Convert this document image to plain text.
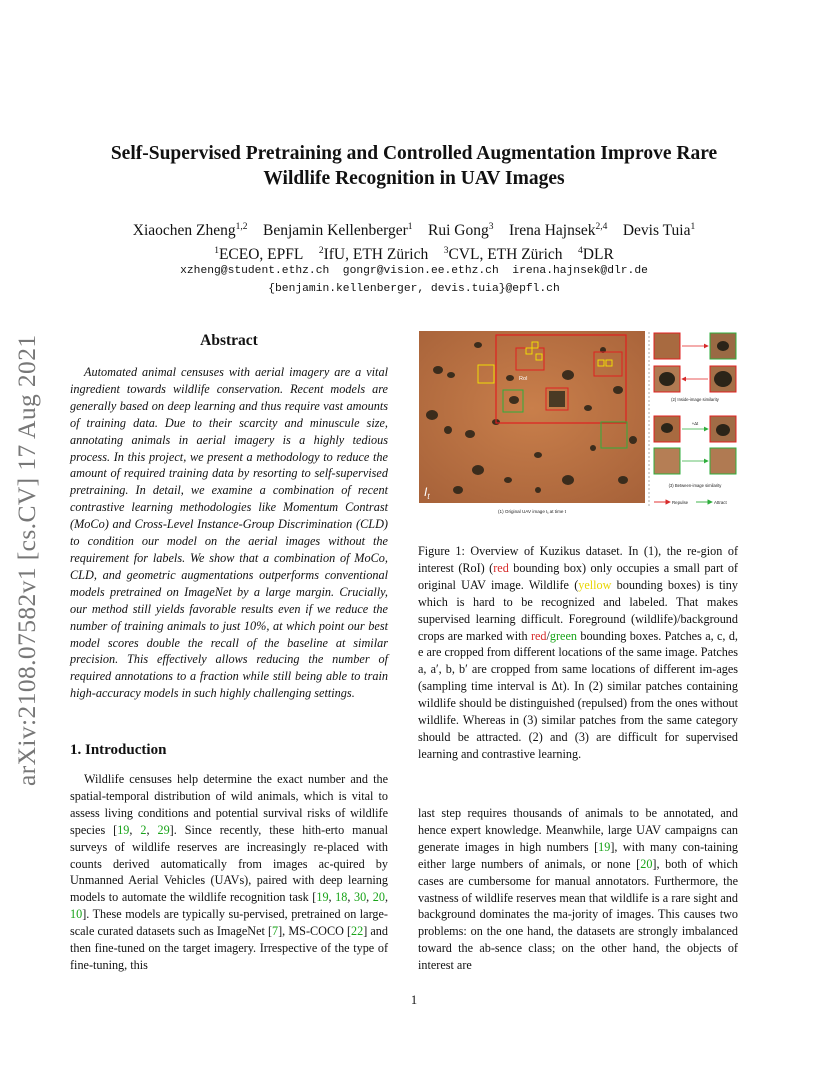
arXiv:2108.07582v1 [cs.CV] 17 Aug 2021
Self-Supervised Pretraining and Controlled Augmentation Improve Rare
Wildlife Recognition in UAV Images
Xiaochen Zheng$^{1,2}$ Benjamin Kellenberger$^1$ Rui Gong$^3$ Irena Hajnsek$^{2,4}$ Devis Tuia$^1$
$^1$ECEO, EPFL $^2$IfU, ETH Zürich $^3$CVL, ETH Zürich $^4$DLR
xzheng@student.ethz.ch  gongr@vision.ee.ethz.ch  irena.hajnsek@dlr.de
{benjamin.kellenberger, devis.tuia}@epfl.ch
Abstract
Automated animal censuses with aerial imagery are a vital ingredient towards wildlife conservation. Recent models are generally based on deep learning and thus require vast amounts of training data. Due to their scarcity and minuscule size, annotating animals in aerial imagery is a highly tedious process. In this project, we present a methodology to reduce the amount of required training data by resorting to self-supervised pretraining. In detail, we examine a combination of recent contrastive learning methodologies like Momentum Contrast (MoCo) and Cross-Level Instance-Group Discrimination (CLD) to condition our model on the aerial images without the requirement for labels. We show that a combination of MoCo, CLD, and geometric augmentations outperforms conventional models pretrained on ImageNet by a large margin. Crucially, our method still yields favorable results even if we reduce the number of training animals to just 10%, at which point our best model scores double the recall of the baseline at similar precision. This effectively allows reducing the number of required annotations to a fraction while still being able to train high-accuracy models in such highly challenging settings.
1. Introduction
Wildlife censuses help determine the exact number and the spatial-temporal distribution of wild animals, which is vital to assess living conditions and potential survival risks of wildlife species [19, 2, 29]. Since recently, these hith-erto manual surveys of wildlife reserves are increasingly re-placed with counts derived automatically from images ac-quired by Unmanned Aerial Vehicles (UAVs), paired with deep learning models to automate the wildlife recognition task [19, 18, 30, 20, 10]. These models are typically su-pervised, pretrained on large-scale curated datasets such as ImageNet [7], MS-COCO [22] and then fine-tuned on the target imagery. Irrespective of the type of fine-tuning, this
RoI
$I_t$
(1) Original UAV image $I_t$ at time t
(2) Inside-image similarity
+Δt
(3) Between-image similarity
Repulse	Attract
Figure 1: Overview of Kuzikus dataset. In (1), the re-gion of interest (RoI) (red bounding box) only occupies a small part of original UAV image. Wildlife (yellow bounding boxes) is tiny which is hard to be recognized and labeled. That makes supervised learning difficult. Foreground (wildlife)/background crops are marked with red/green bounding boxes. Patches a, c, d, e are cropped from different locations of the same image. Patches a, a′, b, b′ are cropped from same locations of different im-ages (sampling time interval is Δt). In (2) similar patches containing wildlife should be distinguished (repulsed) from the ones without wildlife. Whereas in (3) similar patches from the same category should be attracted. (2) and (3) are difficult for supervised learning and contrastive learning.
last step requires thousands of animals to be annotated, and hence expert knowledge. Meanwhile, large UAV campaigns can generate images in high numbers [19], with many con-taining either large numbers of animals, or none [20], both of which cases are cumbersome for manual annotators. Furthermore, the vastness of wildlife reserves mean that wildlife is a rare sight and background dominates the ma-jority of images. This causes two problems: on the one hand, the datasets are strongly imbalanced toward the ab-sence class; on the other hand, the objects of interest are
1
